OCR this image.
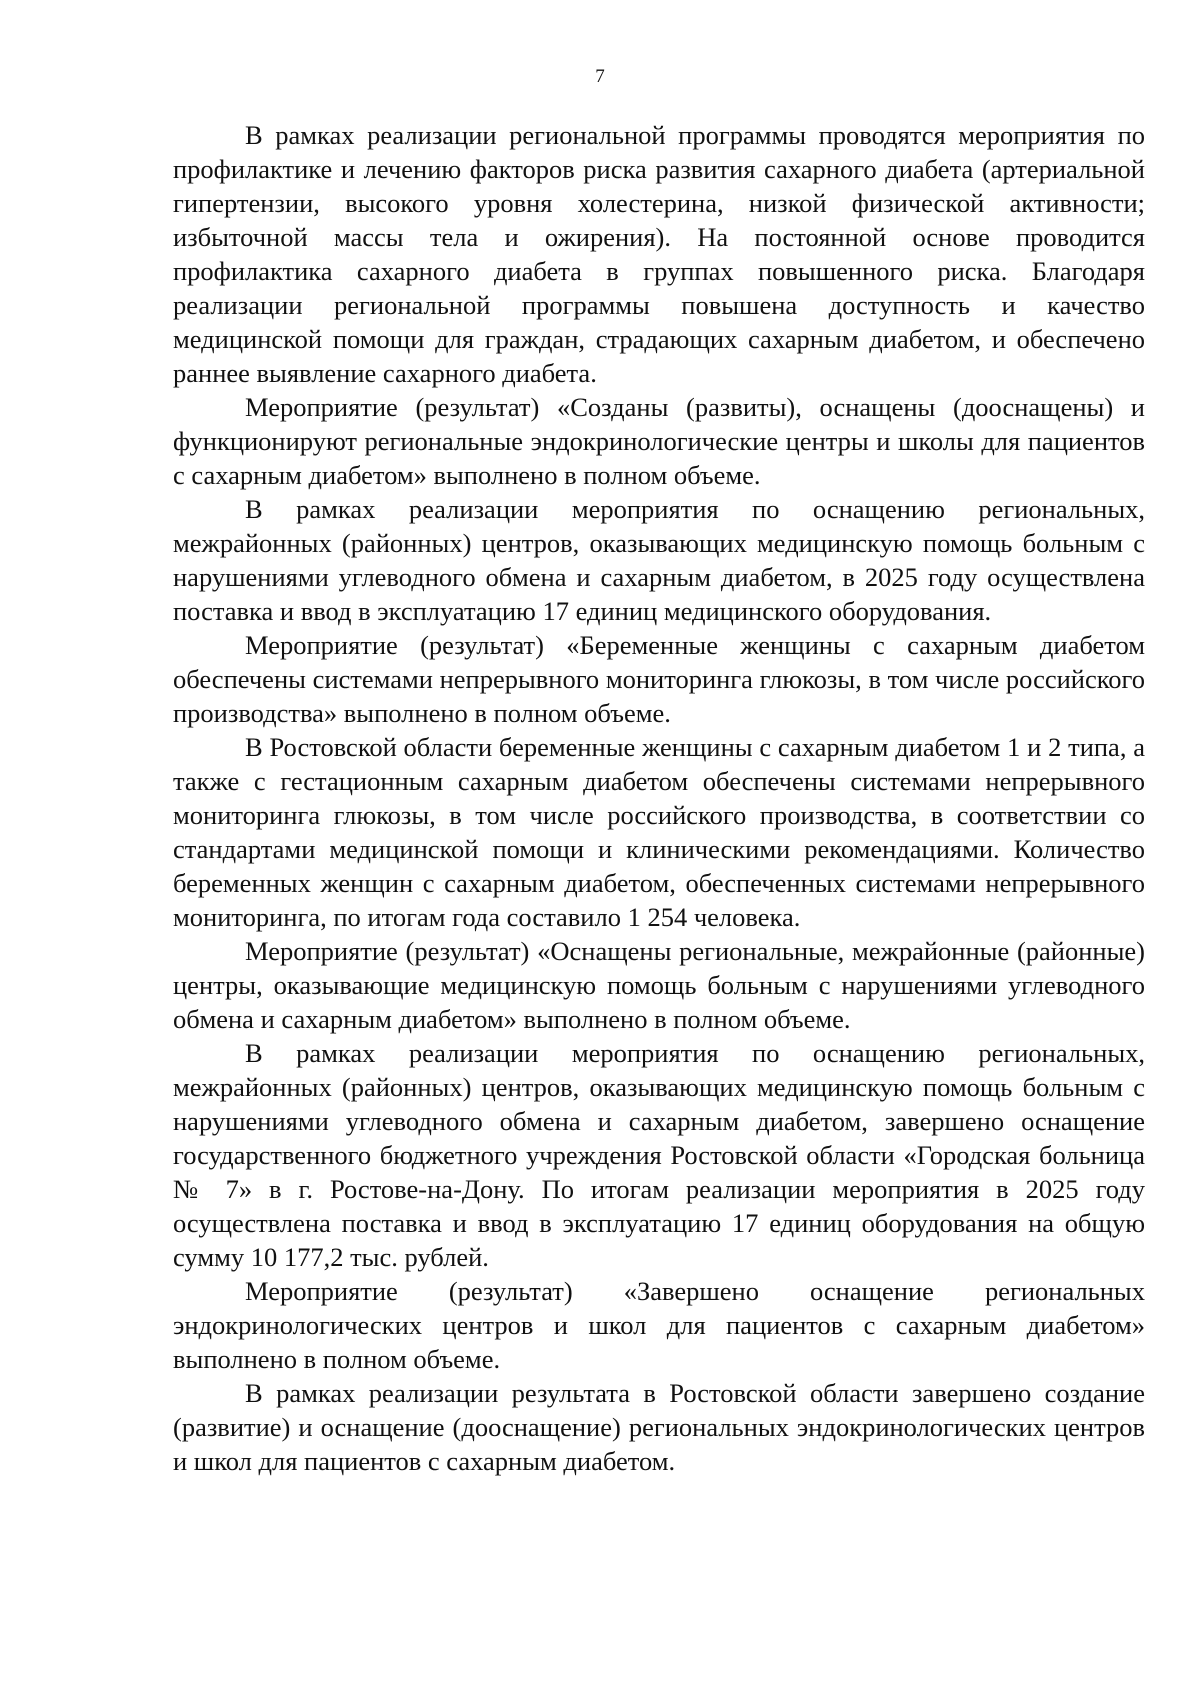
7

В рамках реализации региональной программы проводятся мероприятия по профилактике и лечению факторов риска развития сахарного диабета (артериальной гипертензии, высокого уровня холестерина, низкой физической активности; избыточной массы тела и ожирения). На постоянной основе проводится профилактика сахарного диабета в группах повышенного риска. Благодаря реализации региональной программы повышена доступность и качество медицинской помощи для граждан, страдающих сахарным диабетом, и обеспечено раннее выявление сахарного диабета.

Мероприятие (результат) «Созданы (развиты), оснащены (дооснащены) и функционируют региональные эндокринологические центры и школы для пациентов с сахарным диабетом» выполнено в полном объеме.

В рамках реализации мероприятия по оснащению региональных, межрайонных (районных) центров, оказывающих медицинскую помощь больным с нарушениями углеводного обмена и сахарным диабетом, в 2025 году осуществлена поставка и ввод в эксплуатацию 17 единиц медицинского оборудования.

Мероприятие (результат) «Беременные женщины с сахарным диабетом обеспечены системами непрерывного мониторинга глюкозы, в том числе российского производства» выполнено в полном объеме.

В Ростовской области беременные женщины с сахарным диабетом 1 и 2 типа, а также с гестационным сахарным диабетом обеспечены системами непрерывного мониторинга глюкозы, в том числе российского производства, в соответствии со стандартами медицинской помощи и клиническими рекомендациями. Количество беременных женщин с сахарным диабетом, обеспеченных системами непрерывного мониторинга, по итогам года составило 1 254 человека.

Мероприятие (результат) «Оснащены региональные, межрайонные (районные) центры, оказывающие медицинскую помощь больным с нарушениями углеводного обмена и сахарным диабетом» выполнено в полном объеме.

В рамках реализации мероприятия по оснащению региональных, межрайонных (районных) центров, оказывающих медицинскую помощь больным с нарушениями углеводного обмена и сахарным диабетом, завершено оснащение государственного бюджетного учреждения Ростовской области «Городская больница № 7» в г. Ростове-на-Дону. По итогам реализации мероприятия в 2025 году осуществлена поставка и ввод в эксплуатацию 17 единиц оборудования на общую сумму 10 177,2 тыс. рублей.

Мероприятие (результат) «Завершено оснащение региональных эндокринологических центров и школ для пациентов с сахарным диабетом» выполнено в полном объеме.

В рамках реализации результата в Ростовской области завершено создание (развитие) и оснащение (дооснащение) региональных эндокринологических центров и школ для пациентов с сахарным диабетом.
